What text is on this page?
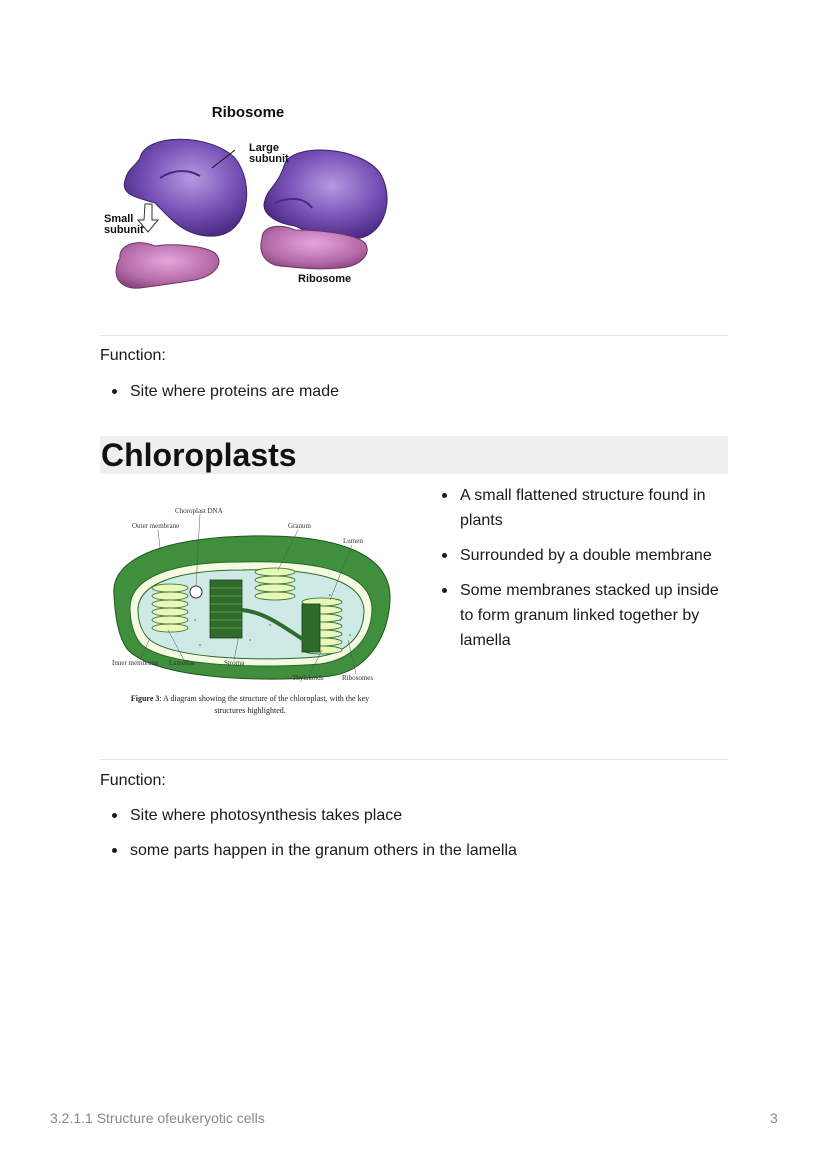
Ribosome
Large
subunit
Small
subunit
Ribosome
Function:
Site where proteins are made
Chloroplasts
Choroplast DNA
Outer membrane	Granum
Lumen
Inner membrane Lamellae	Stroma
Thylakoids	Ribosomes
Figure 3: A diagram showing the structure of the chloroplast, with the key
structures highlighted.
A small flattened structure found in plants
Surrounded by a double membrane
Some membranes stacked up inside to form granum linked together by lamella
Function:
Site where photosynthesis takes place
some parts happen in the granum others in the lamella
3.2.1.1 Structure ofeukeryotic cells	3
